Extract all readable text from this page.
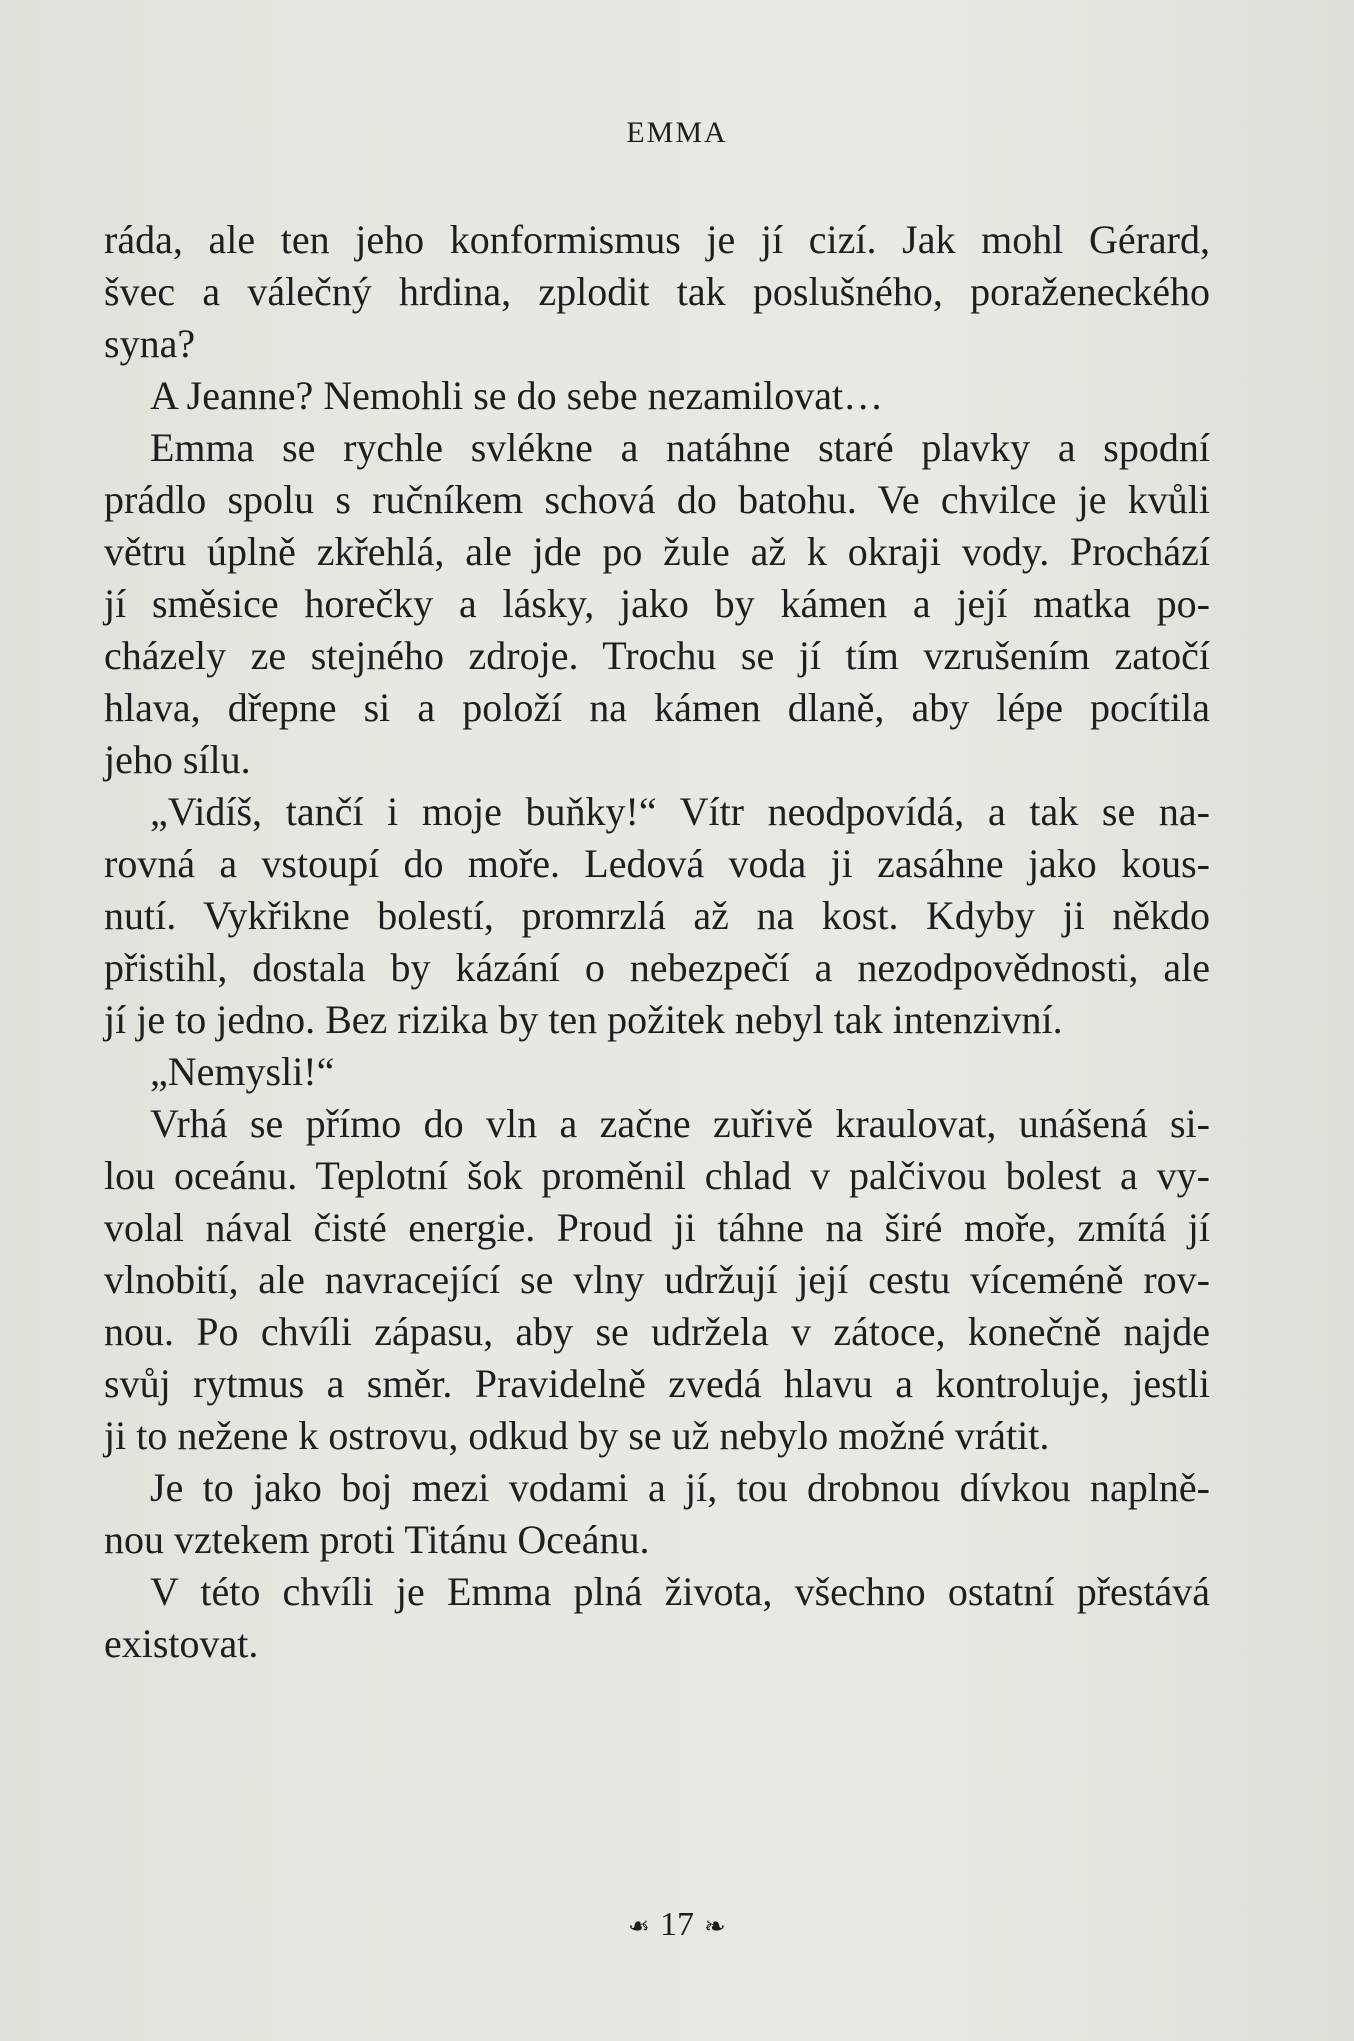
EMMA
ráda, ale ten jeho konformismus je jí cizí. Jak mohl Gérard,
švec a válečný hrdina, zplodit tak poslušného, poraženeckého
syna?
A Jeanne? Nemohli se do sebe nezamilovat…
Emma se rychle svlékne a natáhne staré plavky a spodní
prádlo spolu s ručníkem schová do batohu. Ve chvilce je kvůli
větru úplně zkřehlá, ale jde po žule až k okraji vody. Prochází
jí směsice horečky a lásky, jako by kámen a její matka po-
cházely ze stejného zdroje. Trochu se jí tím vzrušením zatočí
hlava, dřepne si a položí na kámen dlaně, aby lépe pocítila
jeho sílu.
„Vidíš, tančí i moje buňky!“ Vítr neodpovídá, a tak se na-
rovná a vstoupí do moře. Ledová voda ji zasáhne jako kous-
nutí. Vykřikne bolestí, promrzlá až na kost. Kdyby ji někdo
přistihl, dostala by kázání o nebezpečí a nezodpovědnosti, ale
jí je to jedno. Bez rizika by ten požitek nebyl tak intenzivní.
„Nemysli!“
Vrhá se přímo do vln a začne zuřivě kraulovat, unášená si-
lou oceánu. Teplotní šok proměnil chlad v palčivou bolest a vy-
volal nával čisté energie. Proud ji táhne na širé moře, zmítá jí
vlnobití, ale navracející se vlny udržují její cestu víceméně rov-
nou. Po chvíli zápasu, aby se udržela v zátoce, konečně najde
svůj rytmus a směr. Pravidelně zvedá hlavu a kontroluje, jestli
ji to nežene k ostrovu, odkud by se už nebylo možné vrátit.
Je to jako boj mezi vodami a jí, tou drobnou dívkou naplně-
nou vztekem proti Titánu Oceánu.
V této chvíli je Emma plná života, všechno ostatní přestává
existovat.
❧ 17 ❧
